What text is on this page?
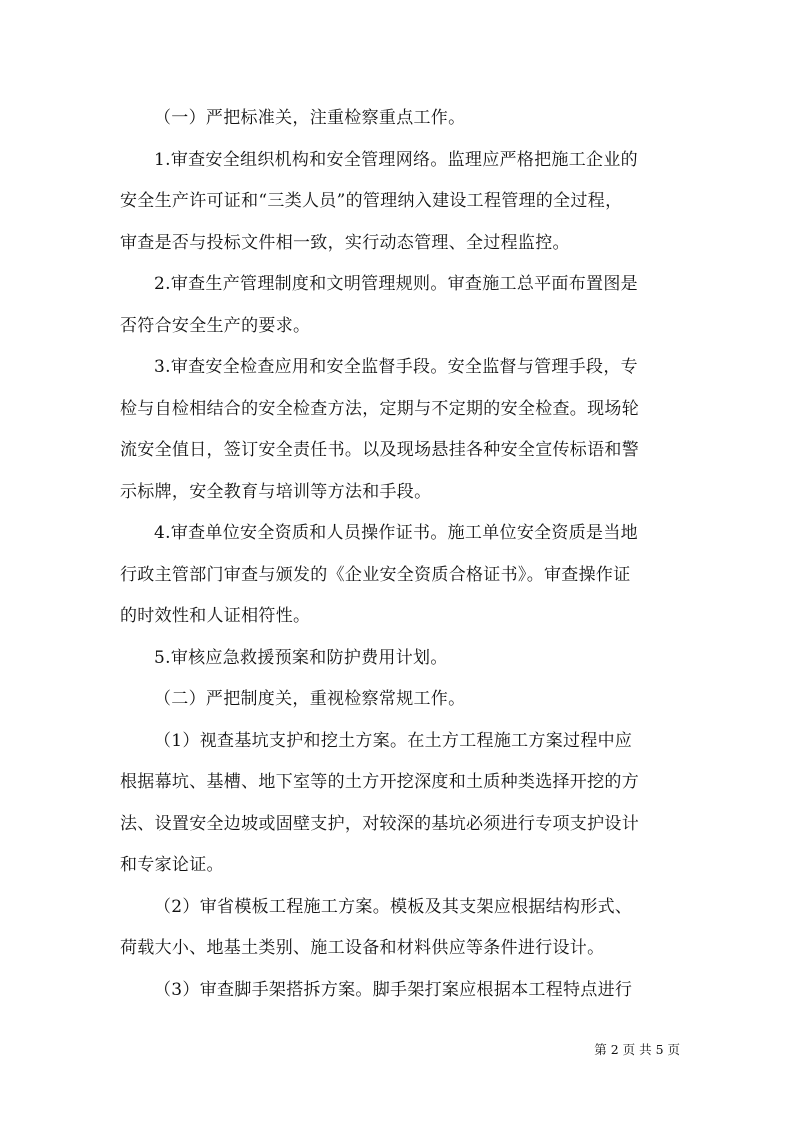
（一）严把标准关，注重检察重点工作。
1.审查安全组织机构和安全管理网络。监理应严格把施工企业的
安全生产许可证和“三类人员”的管理纳入建设工程管理的全过程，
审查是否与投标文件相一致，实行动态管理、全过程监控。
2.审查生产管理制度和文明管理规则。审查施工总平面布置图是
否符合安全生产的要求。
3.审查安全检查应用和安全监督手段。安全监督与管理手段，专
检与自检相结合的安全检查方法，定期与不定期的安全检查。现场轮
流安全值日，签订安全责任书。以及现场悬挂各种安全宣传标语和警
示标牌，安全教育与培训等方法和手段。
4.审查单位安全资质和人员操作证书。施工单位安全资质是当地
行政主管部门审查与颁发的《企业安全资质合格证书》。审查操作证
的时效性和人证相符性。
5.审核应急救援预案和防护费用计划。
（二）严把制度关，重视检察常规工作。
（1）视查基坑支护和挖土方案。在土方工程施工方案过程中应
根据幕坑、基槽、地下室等的土方开挖深度和土质种类选择开挖的方
法、设置安全边坡或固壁支护，对较深的基坑必须进行专项支护设计
和专家论证。
（2）审省模板工程施工方案。模板及其支架应根据结构形式、
荷载大小、地基土类别、施工设备和材料供应等条件进行设计。
（3）审查脚手架搭拆方案。脚手架打案应根据本工程特点进行
第 2 页 共 5 页
